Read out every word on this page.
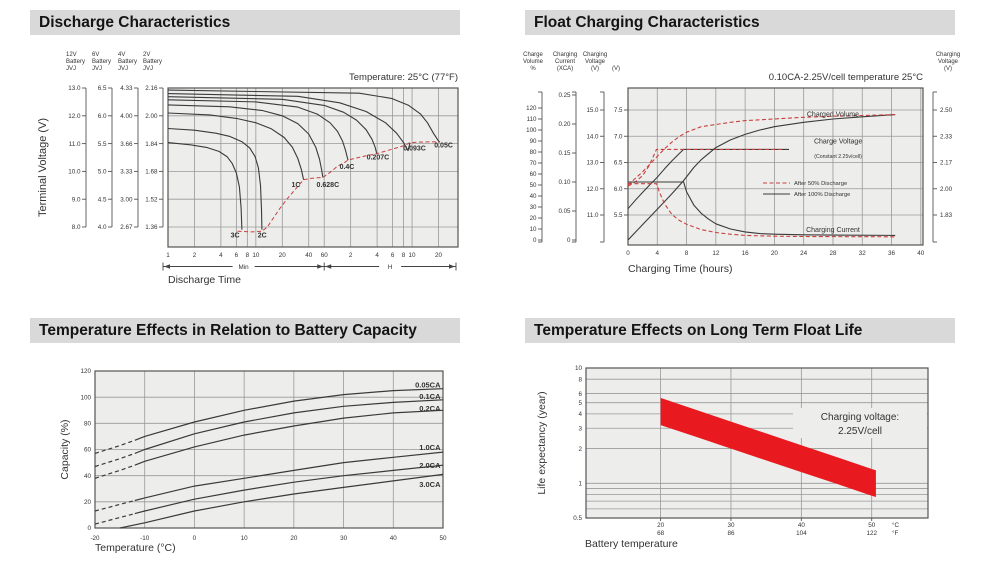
Discharge Characteristics	Float Charging Characteristics
Temperature Effects in Relation to Battery Capacity	Temperature Effects on Long Term Float Life
3C	2C
1C 0.628C
0.4C
0.207C
0.093C 0.05C
12V
Battery
JVJ
13.0
12.0
11.0
10.0
9.0
8.0
6V
Battery
JVJ
6.5
6.0
5.5
5.0
4.5
4.0
4V
Battery
JVJ
4.33
4.00
3.66
3.33
3.00
2.67
2V
Battery
JVJ
2.16
2.00
1.84
1.68
1.52
1.36
Terminal Voltage (V)
1	2	4 6 8 10	20	40 60	2	4 6 8 10	20
Min	H
Discharge Time
Temperature: 25°C (77°F)
Charged Volume
Charge Voltage
(Constant 2.25v/cell)
Charging Current
After 50% Discharge
After 100% Discharge
Charge
Volume
%
0
10
20
30
40
50
60
70
80
90
100
110
120
Charging
Current
(XCA)
0
0.05
0.10
0.15
0.20
0.25
Charging
Voltage
(V)
11.0
12.0
13.0
14.0
15.0
(V)
5.5
6.0
6.5
7.0
7.5
Charging
Voltage
(V)
2.50
2.33
2.17
2.00
1.83
0	4	8	12	16	20	24	28	32	36	40
Charging Time (hours)
0.10CA-2.25V/cell temperature 25°C
0.05CA
0.1CA
0.2CA
1.0CA
2.0CA
3.0CA
0
20
40
60
80
100
120
-20	-10	0	10	20	30	40	50
Capacity (%)
Temperature (°C)
Charging voltage:
2.25V/cell
10
8
6
5
4
3
2
1
0.5
20
68
30
86
40
104
50
122
°C
°F
Life expectancy (year)
Battery temperature
